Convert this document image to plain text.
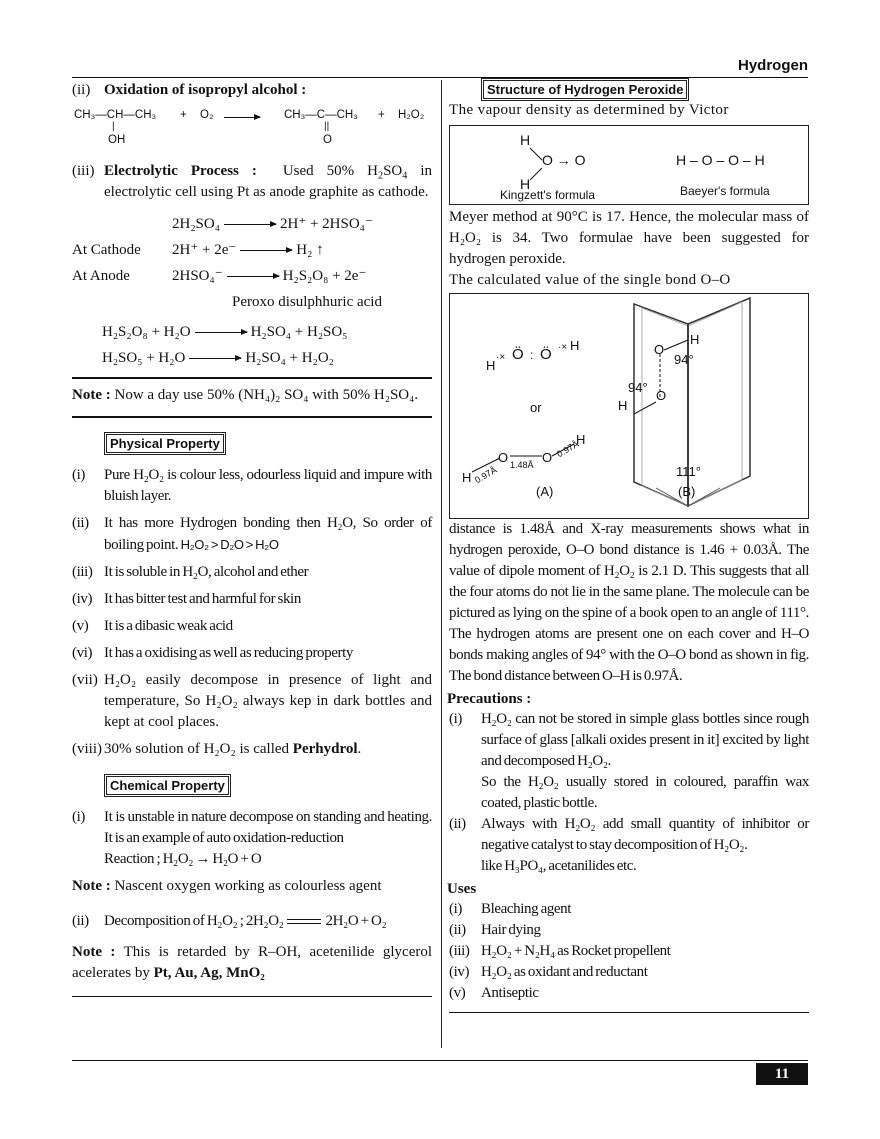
Hydrogen
11
(ii) Oxidation of isopropyl alcohol :
CH₃—CH—CH₃
|
OH
+ O₂ → CH₃—C—CH₃
||
O
+ H₂O₂
(iii) Electrolytic Process : Used 50% $H_2SO_4$ in electrolytic cell using Pt as anode graphite as cathode.
2H₂SO₄ → 2H⁺ + 2HSO₄⁻
At Cathode	2H⁺ + 2e⁻ → H₂ ↑
At Anode	2HSO₄⁻ → H₂S₂O₈ + 2e⁻
Peroxo disulphhuric acid
H₂S₂O₈ + H₂O → H₂SO₄ + H₂SO₅
H₂SO₅ + H₂O → H₂SO₄ + H₂O₂
Note : Now a day use 50% (NH₄)₂ SO₄ with 50% H₂SO₄.
Physical Property
(i)	Pure H₂O₂ is colour less, odourless liquid and impure with bluish layer.
(ii)	It has more Hydrogen bonding then H₂O, So order of boiling point. H₂O₂ > D₂O > H₂O
(iii) It is soluble in H₂O, alcohol and ether
(iv) It has bitter test and harmful for skin
(v)	It is a dibasic weak acid
(vi) It has a oxidising as well as reducing property
(vii) H₂O₂ easily decompose in presence of light and temperature, So H₂O₂ always kep in dark bottles and kept at cool places.
(viii) 30% solution of H₂O₂ is called Perhydrol.
Chemical Property
(i)	It is unstable in nature decompose on standing and heating. It is an example of auto oxidation-reduction
Reaction ; H₂O₂ → H₂O + O
Note : Nascent oxygen working as colourless agent
(ii)	Decomposition of H₂O₂ ; 2H₂O₂	2H₂O + O₂
Note : This is retarded by R–OH, acetenilide glycerol acelerates by Pt, Au, Ag, MnO₂
Structure of Hydrogen Peroxide
The vapour density as determined by Victor
H
O → O
H
Kingzett's formula
H – O – O – H
Baeyer's formula
Meyer method at 90°C is 17. Hence, the molecular mass of H₂O₂ is 34. Two formulae have been suggested for hydrogen peroxide.
The calculated value of the single bond O–O
H
·× Ö : Ö ·× H
or
H
O	O
H 0.97Å 1.48Å
0.97Å
(A)
O
H
94°
94°
H
O
111°
(B)
distance is 1.48Å and X-ray measurements shows what in hydrogen peroxide, O–O bond distance is 1.46 + 0.03Å. The value of dipole moment of H₂O₂ is 2.1 D. This suggests that all the four atoms do not lie in the same plane. The molecule can be pictured as lying on the spine of a book open to an angle of 111°. The hydrogen atoms are present one on each cover and H–O bonds making angles of 94° with the O–O bond as shown in fig. The bond distance between O–H is 0.97Å.
Precautions :
(i)	H₂O₂ can not be stored in simple glass bottles since rough surface of glass [alkali oxides present in it] excited by light and decomposed H₂O₂.
So the H₂O₂ usually stored in coloured, paraffin wax coated, plastic bottle.
(ii)	Always with H₂O₂ add small quantity of inhibitor or negative catalyst to stay decomposition of H₂O₂.
like H₃PO₄, acetanilides etc.
Uses
(i)	Bleaching agent
(ii)	Hair dying
(iii) H₂O₂ + N₂H₄ as Rocket propellent
(iv) H₂O₂ as oxidant and reductant
(v)	Antiseptic
